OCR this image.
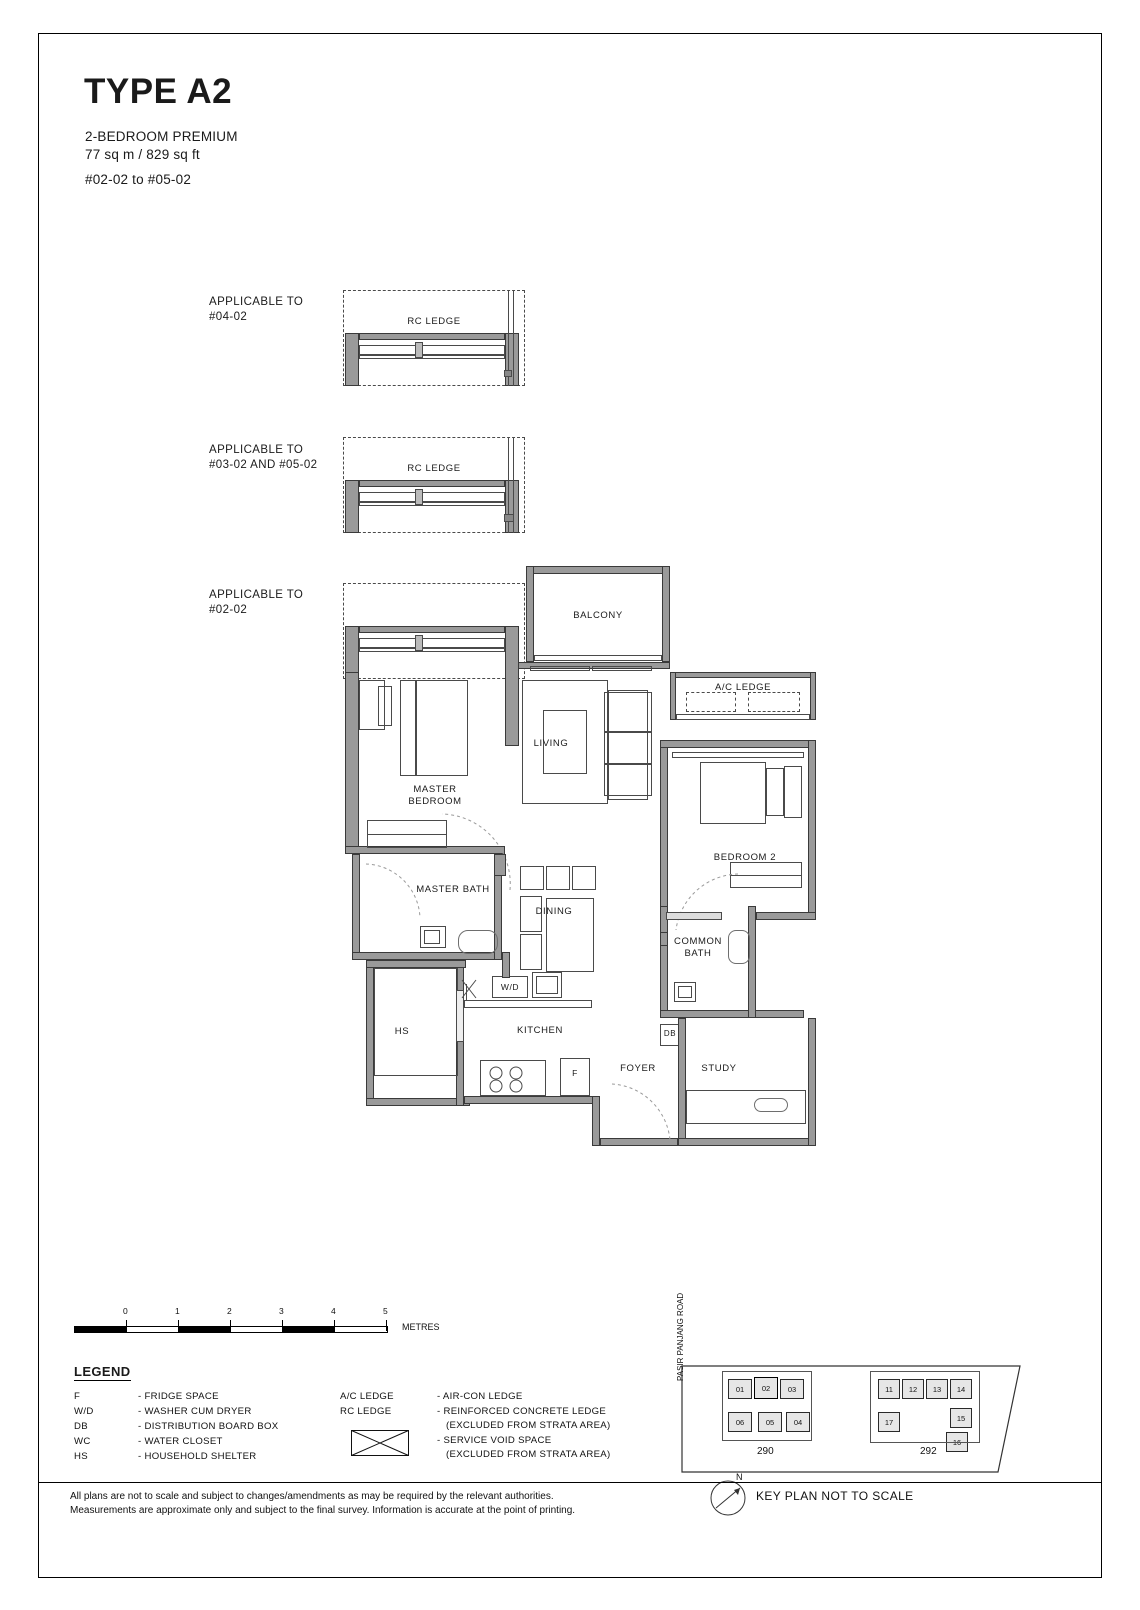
TYPE A2
2-BEDROOM PREMIUM
77 sq m / 829 sq ft
#02-02 to #05-02
APPLICABLE TO
#04-02	RC LEDGE
APPLICABLE TO
#03-02 AND #05-02	RC LEDGE
APPLICABLE TO
#02-02	BALCONY
LIVING
A/C LEDGE
MASTER
BEDROOM
MASTER BATH
DINING
BEDROOM 2
COMMON
BATH
DB
HS
W/D
F
KITCHEN
FOYER	STUDY
0	1	2	3	4	5
METRES
LEGEND
F	- FRIDGE SPACE
W/D	- WASHER CUM DRYER
DB	- DISTRIBUTION BOARD BOX
WC	- WATER CLOSET
HS	- HOUSEHOLD SHELTER
A/C LEDGE	- AIR-CON LEDGE
RC LEDGE	- REINFORCED CONCRETE LEDGE
(EXCLUDED FROM STRATA AREA)
- SERVICE VOID SPACE
(EXCLUDED FROM STRATA AREA)
PASIR PANJANG ROAD
01	02	03
06	05	04
290
11	12	13	14
17	15
16
292
N
KEY PLAN NOT TO SCALE
All plans are not to scale and subject to changes/amendments as may be required by the relevant authorities.
Measurements are approximate only and subject to the final survey. Information is accurate at the point of printing.
